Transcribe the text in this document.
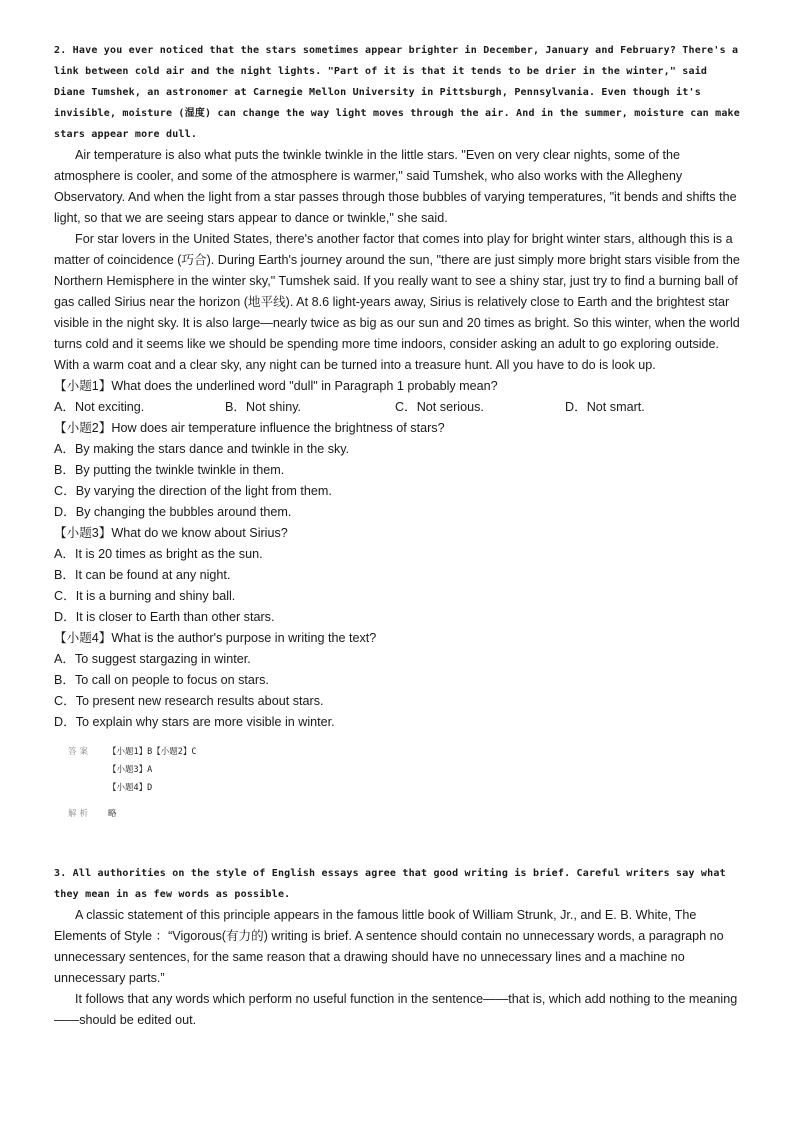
2. Have you ever noticed that the stars sometimes appear brighter in December, January and February? There's a link between cold air and the night lights. "Part of it is that it tends to be drier in the winter," said Diane Tumshek, an astronomer at Carnegie Mellon University in Pittsburgh, Pennsylvania. Even though it's invisible, moisture (湿度) can change the way light moves through the air. And in the summer, moisture can make stars appear more dull.

Air temperature is also what puts the twinkle twinkle in the little stars. "Even on very clear nights, some of the atmosphere is cooler, and some of the atmosphere is warmer," said Tumshek, who also works with the Allegheny Observatory. And when the light from a star passes through those bubbles of varying temperatures, "it bends and shifts the light, so that we are seeing stars appear to dance or twinkle," she said.

For star lovers in the United States, there's another factor that comes into play for bright winter stars, although this is a matter of coincidence (巧合). During Earth's journey around the sun, "there are just simply more bright stars visible from the Northern Hemisphere in the winter sky," Tumshek said. If you really want to see a shiny star, just try to find a burning ball of gas called Sirius near the horizon (地平线). At 8.6 light-years away, Sirius is relatively close to Earth and the brightest star visible in the night sky. It is also large—nearly twice as big as our sun and 20 times as bright. So this winter, when the world turns cold and it seems like we should be spending more time indoors, consider asking an adult to go exploring outside. With a warm coat and a clear sky, any night can be turned into a treasure hunt. All you have to do is look up.

【小题1】What does the underlined word "dull" in Paragraph 1 probably mean?

A．Not exciting.	B．Not shiny.	C．Not serious.	D．Not smart.

【小题2】How does air temperature influence the brightness of stars?

A．By making the stars dance and twinkle in the sky.

B．By putting the twinkle twinkle in them.

C．By varying the direction of the light from them.

D．By changing the bubbles around them.

【小题3】What do we know about Sirius?

A．It is 20 times as bright as the sun.

B．It can be found at any night.

C．It is a burning and shiny ball.

D．It is closer to Earth than other stars.

【小题4】What is the author's purpose in writing the text?

A．To suggest stargazing in winter.

B．To call on people to focus on stars.

C．To present new research results about stars.

D．To explain why stars are more visible in winter.

答案	【小题1】B【小题2】C
【小题3】A
【小题4】D
解析	略

3. All authorities on the style of English essays agree that good writing is brief. Careful writers say what they mean in as few words as possible.

A classic statement of this principle appears in the famous little book of William Strunk, Jr., and E. B. White, The Elements of Style ：“Vigorous(有力的) writing is brief. A sentence should contain no unnecessary words, a paragraph no unnecessary sentences, for the same reason that a drawing should have no unnecessary lines and a machine no unnecessary parts.”

It follows that any words which perform no useful function in the sentence——that is, which add nothing to the meaning——should be edited out.
